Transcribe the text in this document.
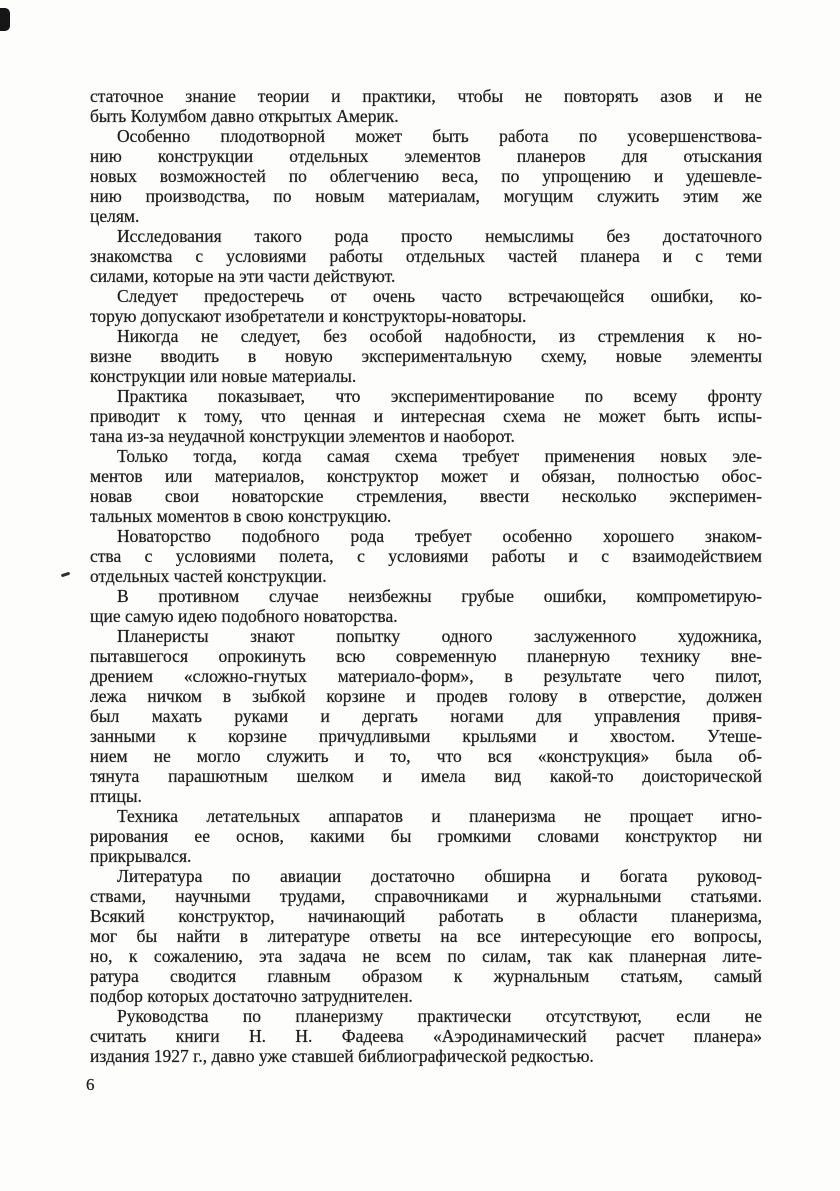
статочное знание теории и практики, чтобы не повторять азов и не
быть Колумбом давно открытых Америк.
Особенно плодотворной может быть работа по усовершенствова-
нию конструкции отдельных элементов планеров для отыскания
новых возможностей по облегчению веса, по упрощению и удешевле-
нию производства, по новым материалам, могущим служить этим же
целям.
Исследования такого рода просто немыслимы без достаточного
знакомства с условиями работы отдельных частей планера и с теми
силами, которые на эти части действуют.
Следует предостеречь от очень часто встречающейся ошибки, ко-
торую допускают изобретатели и конструкторы-новаторы.
Никогда не следует, без особой надобности, из стремления к но-
визне вводить в новую экспериментальную схему, новые элементы
конструкции или новые материалы.
Практика показывает, что экспериментирование по всему фронту
приводит к тому, что ценная и интересная схема не может быть испы-
тана из-за неудачной конструкции элементов и наоборот.
Только тогда, когда самая схема требует применения новых эле-
ментов или материалов, конструктор может и обязан, полностью обос-
новав свои новаторские стремления, ввести несколько эксперимен-
тальных моментов в свою конструкцию.
Новаторство подобного рода требует особенно хорошего знаком-
ства с условиями полета, с условиями работы и с взаимодействием
отдельных частей конструкции.
В противном случае неизбежны грубые ошибки, компрометирую-
щие самую идею подобного новаторства.
Планеристы знают попытку одного заслуженного художника,
пытавшегося опрокинуть всю современную планерную технику вне-
дрением «сложно-гнутых материало-форм», в результате чего пилот,
лежа ничком в зыбкой корзине и продев голову в отверстие, должен
был махать руками и дергать ногами для управления привя-
занными к корзине причудливыми крыльями и хвостом. Утеше-
нием не могло служить и то, что вся «конструкция» была об-
тянута парашютным шелком и имела вид какой-то доисторической
птицы.
Техника летательных аппаратов и планеризма не прощает игно-
рирования ее основ, какими бы громкими словами конструктор ни
прикрывался.
Литература по авиации достаточно обширна и богата руковод-
ствами, научными трудами, справочниками и журнальными статьями.
Всякий конструктор, начинающий работать в области планеризма,
мог бы найти в литературе ответы на все интересующие его вопросы,
но, к сожалению, эта задача не всем по силам, так как планерная лите-
ратура сводится главным образом к журнальным статьям, самый
подбор которых достаточно затруднителен.
Руководства по планеризму практически отсутствуют, если не
считать книги Н. Н. Фадеева «Аэродинамический расчет планера»
издания 1927 г., давно уже ставшей библиографической редкостью.
6
